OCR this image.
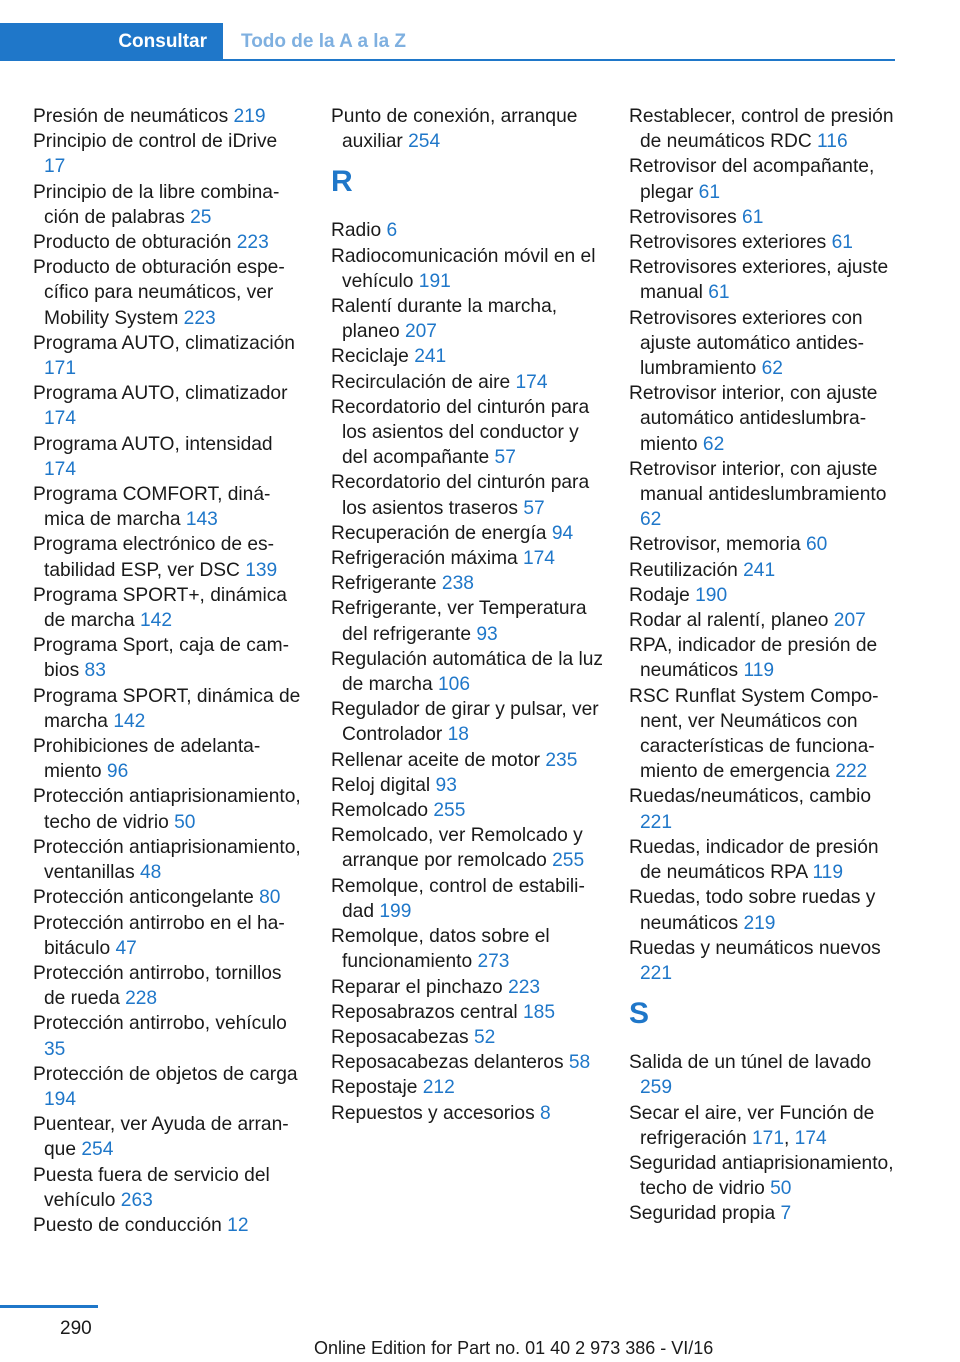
Consultar	Todo de la A a la Z
Presión de neumáticos 219
Principio de control de iDrive 17
Principio de la libre combinación de palabras 25
Producto de obturación 223
Producto de obturación específico para neumáticos, ver Mobility System 223
Programa AUTO, climatización 171
Programa AUTO, climatizador 174
Programa AUTO, intensidad 174
Programa COMFORT, dinámica de marcha 143
Programa electrónico de estabilidad ESP, ver DSC 139
Programa SPORT+, dinámica de marcha 142
Programa Sport, caja de cambios 83
Programa SPORT, dinámica de marcha 142
Prohibiciones de adelantamiento 96
Protección antiaprisionamiento, techo de vidrio 50
Protección antiaprisionamiento, ventanillas 48
Protección anticongelante 80
Protección antirrobo en el habitáculo 47
Protección antirrobo, tornillos de rueda 228
Protección antirrobo, vehículo 35
Protección de objetos de carga 194
Puentear, ver Ayuda de arranque 254
Puesta fuera de servicio del vehículo 263
Puesto de conducción 12
Punto de conexión, arranque auxiliar 254
R
Radio 6
Radiocomunicación móvil en el vehículo 191
Ralentí durante la marcha, planeo 207
Reciclaje 241
Recirculación de aire 174
Recordatorio del cinturón para los asientos del conductor y del acompañante 57
Recordatorio del cinturón para los asientos traseros 57
Recuperación de energía 94
Refrigeración máxima 174
Refrigerante 238
Refrigerante, ver Temperatura del refrigerante 93
Regulación automática de la luz de marcha 106
Regulador de girar y pulsar, ver Controlador 18
Rellenar aceite de motor 235
Reloj digital 93
Remolcado 255
Remolcado, ver Remolcado y arranque por remolcado 255
Remolque, control de estabilidad 199
Remolque, datos sobre el funcionamiento 273
Reparar el pinchazo 223
Reposabrazos central 185
Reposacabezas 52
Reposacabezas delanteros 58
Repostaje 212
Repuestos y accesorios 8
Restablecer, control de presión de neumáticos RDC 116
Retrovisor del acompañante, plegar 61
Retrovisores 61
Retrovisores exteriores 61
Retrovisores exteriores, ajuste manual 61
Retrovisores exteriores con ajuste automático antideslumbramiento 62
Retrovisor interior, con ajuste automático antideslumbramiento 62
Retrovisor interior, con ajuste manual antideslumbramiento 62
Retrovisor, memoria 60
Reutilización 241
Rodaje 190
Rodar al ralentí, planeo 207
RPA, indicador de presión de neumáticos 119
RSC Runflat System Component, ver Neumáticos con características de funcionamiento de emergencia 222
Ruedas/neumáticos, cambio 221
Ruedas, indicador de presión de neumáticos RPA 119
Ruedas, todo sobre ruedas y neumáticos 219
Ruedas y neumáticos nuevos 221
S
Salida de un túnel de lavado 259
Secar el aire, ver Función de refrigeración 171, 174
Seguridad antiaprisionamiento, techo de vidrio 50
Seguridad propia 7
290
Online Edition for Part no. 01 40 2 973 386 - VI/16
